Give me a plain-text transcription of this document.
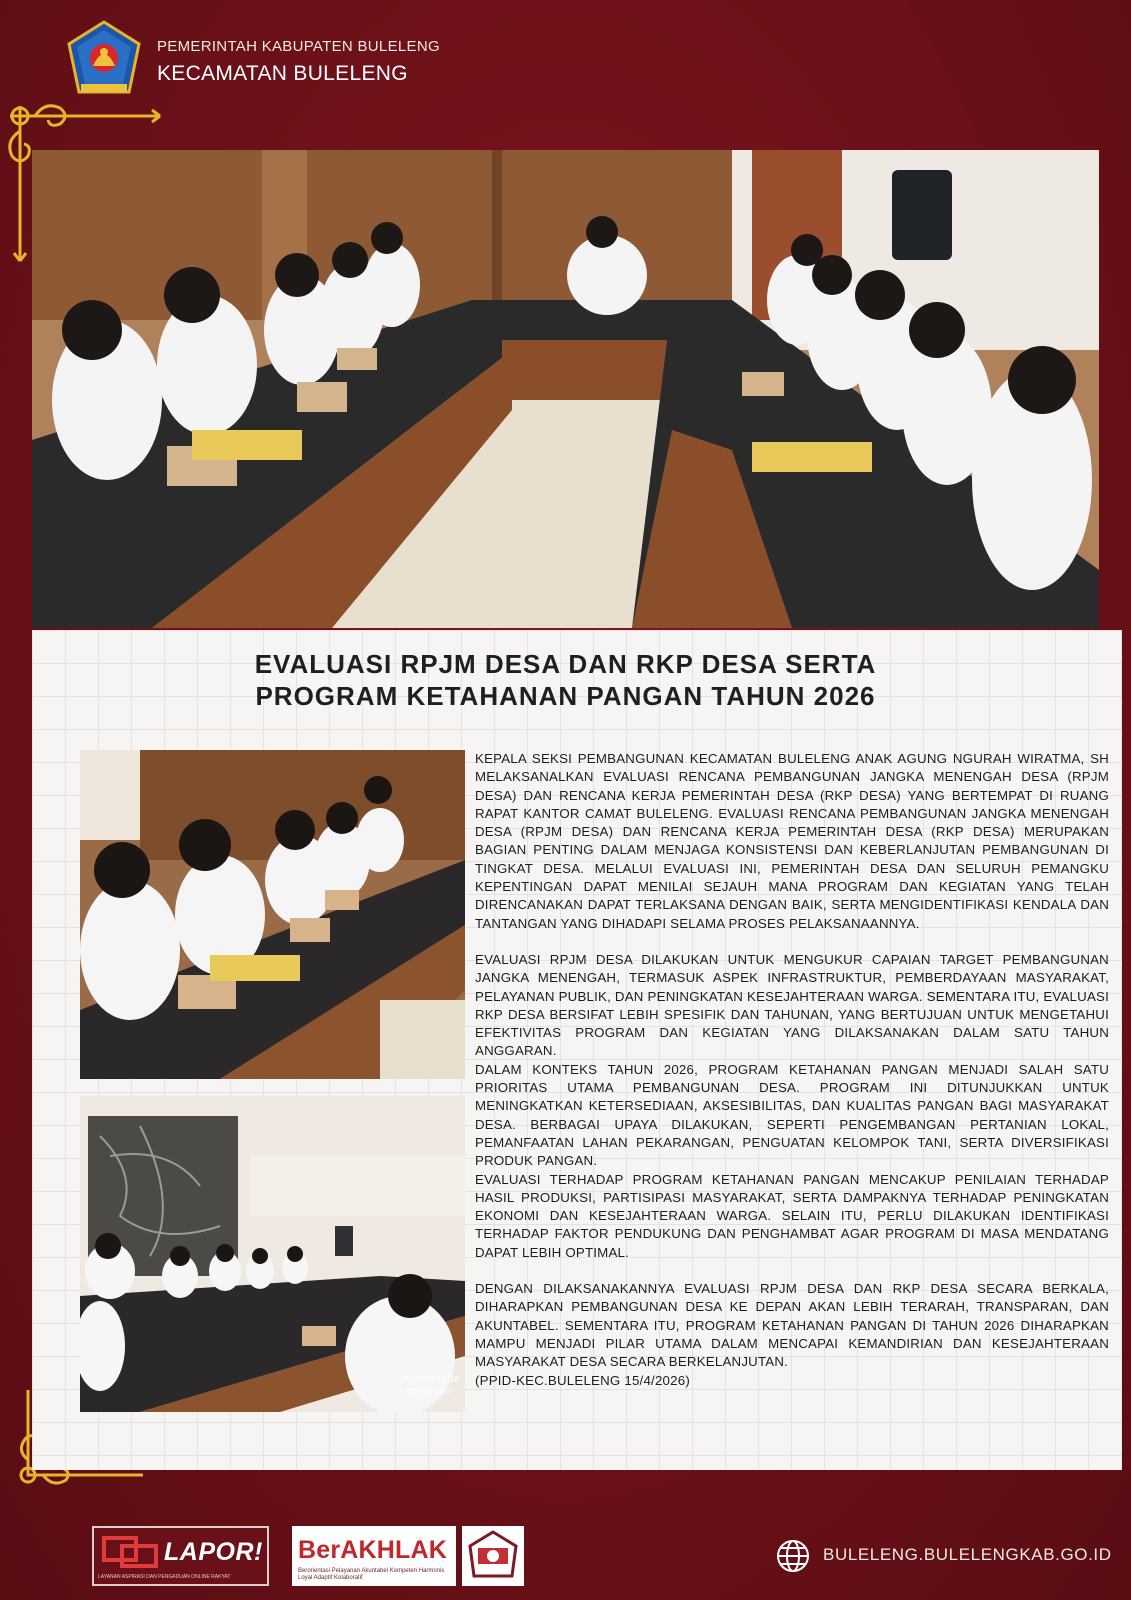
PEMERINTAH KABUPATEN BULELENG
KECAMATAN BULELENG
EVALUASI RPJM DESA DAN RKP DESA SERTA
PROGRAM KETAHANAN PANGAN TAHUN 2026
realme Note
2026.04.15 0

KEPALA SEKSI PEMBANGUNAN KECAMATAN BULELENG ANAK AGUNG NGURAH WIRATMA, SH MELAKSANALKAN EVALUASI RENCANA PEMBANGUNAN JANGKA MENENGAH DESA (RPJM DESA) DAN RENCANA KERJA PEMERINTAH DESA (RKP DESA) YANG BERTEMPAT DI RUANG RAPAT KANTOR CAMAT BULELENG. EVALUASI RENCANA PEMBANGUNAN JANGKA MENENGAH DESA (RPJM DESA) DAN RENCANA KERJA PEMERINTAH DESA (RKP DESA) MERUPAKAN BAGIAN PENTING DALAM MENJAGA KONSISTENSI DAN KEBERLANJUTAN PEMBANGUNAN DI TINGKAT DESA. MELALUI EVALUASI INI, PEMERINTAH DESA DAN SELURUH PEMANGKU KEPENTINGAN DAPAT MENILAI SEJAUH MANA PROGRAM DAN KEGIATAN YANG TELAH DIRENCANAKAN DAPAT TERLAKSANA DENGAN BAIK, SERTA MENGIDENTIFIKASI KENDALA DAN TANTANGAN YANG DIHADAPI SELAMA PROSES PELAKSANAANNYA.

EVALUASI RPJM DESA DILAKUKAN UNTUK MENGUKUR CAPAIAN TARGET PEMBANGUNAN JANGKA MENENGAH, TERMASUK ASPEK INFRASTRUKTUR, PEMBERDAYAAN MASYARAKAT, PELAYANAN PUBLIK, DAN PENINGKATAN KESEJAHTERAAN WARGA. SEMENTARA ITU, EVALUASI RKP DESA BERSIFAT LEBIH SPESIFIK DAN TAHUNAN, YANG BERTUJUAN UNTUK MENGETAHUI EFEKTIVITAS PROGRAM DAN KEGIATAN YANG DILAKSANAKAN DALAM SATU TAHUN ANGGARAN.

DALAM KONTEKS TAHUN 2026, PROGRAM KETAHANAN PANGAN MENJADI SALAH SATU PRIORITAS UTAMA PEMBANGUNAN DESA. PROGRAM INI DITUNJUKKAN UNTUK MENINGKATKAN KETERSEDIAAN, AKSESIBILITAS, DAN KUALITAS PANGAN BAGI MASYARAKAT DESA. BERBAGAI UPAYA DILAKUKAN, SEPERTI PENGEMBANGAN PERTANIAN LOKAL, PEMANFAATAN LAHAN PEKARANGAN, PENGUATAN KELOMPOK TANI, SERTA DIVERSIFIKASI PRODUK PANGAN.

EVALUASI TERHADAP PROGRAM KETAHANAN PANGAN MENCAKUP PENILAIAN TERHADAP HASIL PRODUKSI, PARTISIPASI MASYARAKAT, SERTA DAMPAKNYA TERHADAP PENINGKATAN EKONOMI DAN KESEJAHTERAAN WARGA. SELAIN ITU, PERLU DILAKUKAN IDENTIFIKASI TERHADAP FAKTOR PENDUKUNG DAN PENGHAMBAT AGAR PROGRAM DI MASA MENDATANG DAPAT LEBIH OPTIMAL.

DENGAN DILAKSANAKANNYA EVALUASI RPJM DESA DAN RKP DESA SECARA BERKALA, DIHARAPKAN PEMBANGUNAN DESA KE DEPAN AKAN LEBIH TERARAH, TRANSPARAN, DAN AKUNTABEL. SEMENTARA ITU, PROGRAM KETAHANAN PANGAN DI TAHUN 2026 DIHARAPKAN MAMPU MENJADI PILAR UTAMA DALAM MENCAPAI KEMANDIRIAN DAN KESEJAHTERAAN MASYARAKAT DESA SECARA BERKELANJUTAN.

(PPID-KEC.BULELENG 15/4/2026)

LAPOR!
LAYANAN ASPIRASI DAN PENGADUAN ONLINE RAKYAT
BerAKHLAK
Berorientasi Pelayanan Akuntabel Kompeten Harmonis Loyal Adaptif Kolaboratif
BULELENG.BULELENGKAB.GO.ID
